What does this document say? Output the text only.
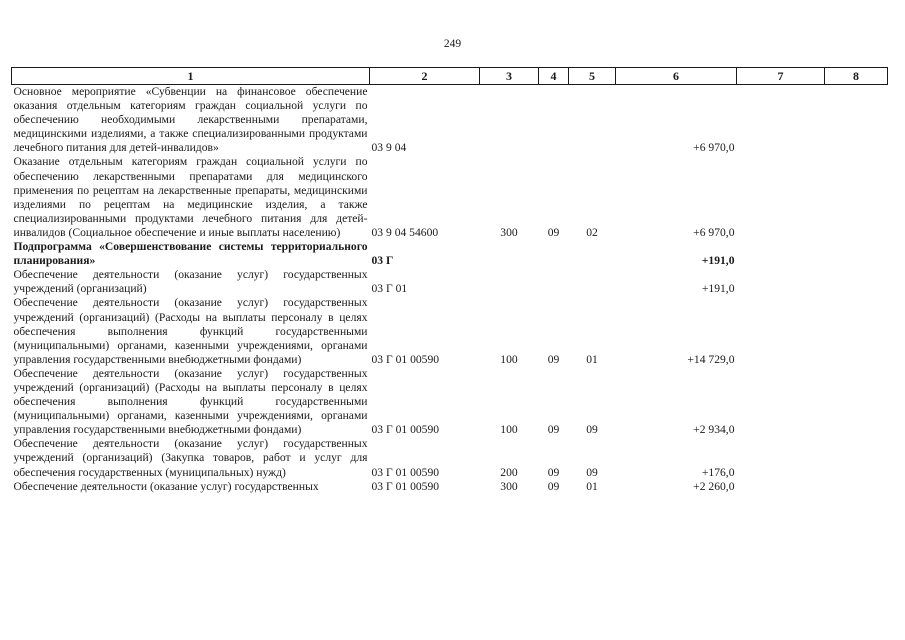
249
1	2	3	4	5	6	7	8
Основное мероприятие «Субвенции на финансовое обеспечение оказания отдельным категориям граждан социальной услуги по обеспечению необходимыми лекарственными препаратами, медицинскими изделиями, а также специализированными продуктами лечебного питания для детей-инвалидов»	03 9 04				+6 970,0		
Оказание отдельным категориям граждан социальной услуги по обеспечению лекарственными препаратами для медицинского применения по рецептам на лекарственные препараты, медицинскими изделиями по рецептам на медицинские изделия, а также специализированными продуктами лечебного питания для детей-инвалидов (Социальное обеспечение и иные выплаты населению)	03 9 04 54600	300	09	02	+6 970,0		
Подпрограмма «Совершенствование системы территориального планирования»	03 Г				+191,0		
Обеспечение деятельности (оказание услуг) государственных учреждений (организаций)	03 Г 01				+191,0		
Обеспечение деятельности (оказание услуг) государственных учреждений (организаций) (Расходы на выплаты персоналу в целях обеспечения выполнения функций государственными (муниципальными) органами, казенными учреждениями, органами управления государственными внебюджетными фондами)	03 Г 01 00590	100	09	01	+14 729,0		
Обеспечение деятельности (оказание услуг) государственных учреждений (организаций) (Расходы на выплаты персоналу в целях обеспечения выполнения функций государственными (муниципальными) органами, казенными учреждениями, органами управления государственными внебюджетными фондами)	03 Г 01 00590	100	09	09	+2 934,0		
Обеспечение деятельности (оказание услуг) государственных учреждений (организаций) (Закупка товаров, работ и услуг для обеспечения государственных (муниципальных) нужд)	03 Г 01 00590	200	09	09	+176,0		
Обеспечение деятельности (оказание услуг) государственных	03 Г 01 00590	300	09	01	+2 260,0		
